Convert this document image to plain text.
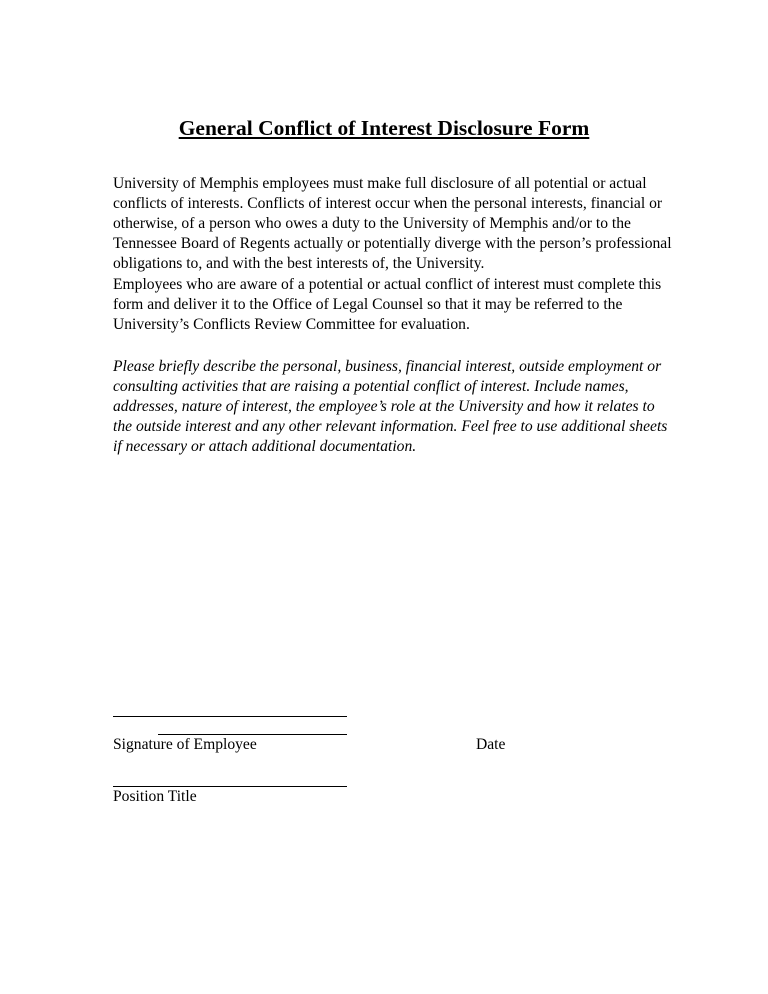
General Conflict of Interest Disclosure Form

University of Memphis employees must make full disclosure of all potential or actual conflicts of interests. Conflicts of interest occur when the personal interests, financial or otherwise, of a person who owes a duty to the University of Memphis and/or to the Tennessee Board of Regents actually or potentially diverge with the person’s professional obligations to, and with the best interests of, the University.

Employees who are aware of a potential or actual conflict of interest must complete this form and deliver it to the Office of Legal Counsel so that it may be referred to the University’s Conflicts Review Committee for evaluation.

Please briefly describe the personal, business, financial interest, outside employment or consulting activities that are raising a potential conflict of interest. Include names, addresses, nature of interest, the employee’s role at the University and how it relates to the outside interest and any other relevant information. Feel free to use additional sheets if necessary or attach additional documentation.

Signature of Employee	Date
Position Title
